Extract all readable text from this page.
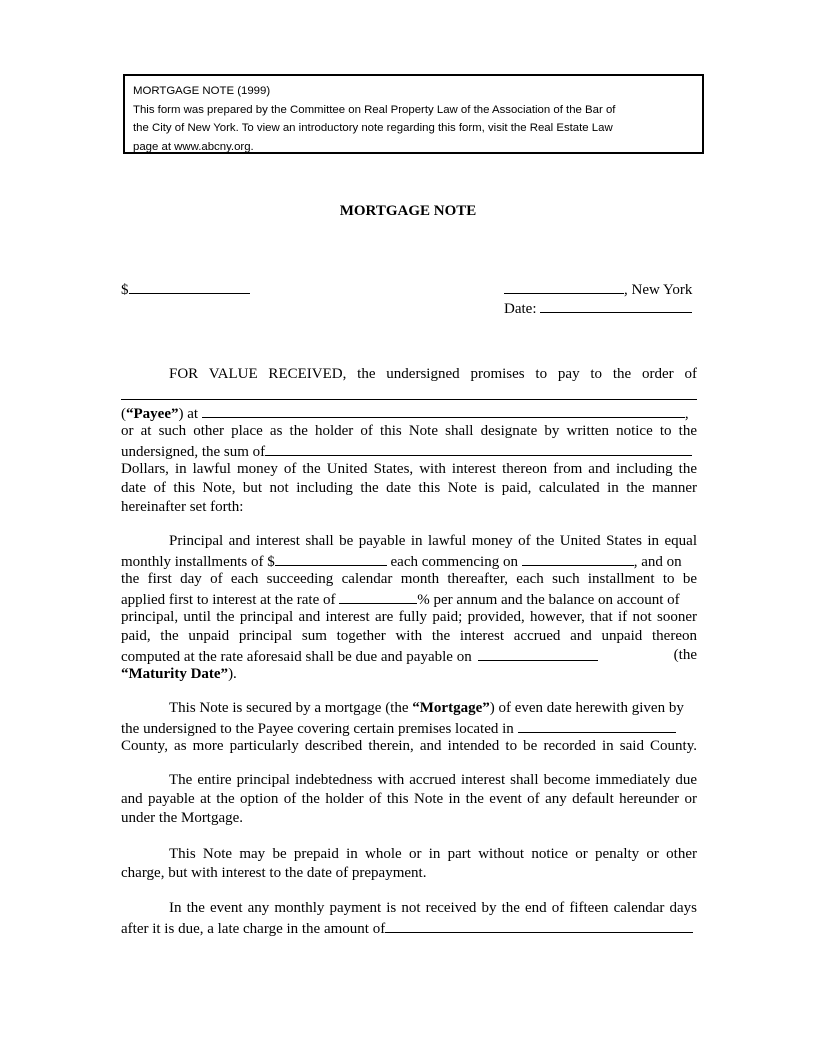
MORTGAGE NOTE (1999)
This form was prepared by the Committee on Real Property Law of the Association of the Bar of
the City of New York. To view an introductory note regarding this form, visit the Real Estate Law
page at www.abcny.org.
MORTGAGE NOTE
$	, New York
Date:
FOR VALUE RECEIVED, the undersigned promises to pay to the order of
(“Payee”) at	,
or at such other place as the holder of this Note shall designate by written notice to the
undersigned, the sum of
Dollars, in lawful money of the United States, with interest thereon from and including the
date of this Note, but not including the date this Note is paid, calculated in the manner
hereinafter set forth:
Principal and interest shall be payable in lawful money of the United States in equal
monthly installments of $	each commencing on	, and on
the first day of each succeeding calendar month thereafter, each such installment to be
applied first to interest at the rate of	% per annum and the balance on account of
principal, until the principal and interest are fully paid; provided, however, that if not sooner
paid, the unpaid principal sum together with the interest accrued and unpaid thereon
computed at the rate aforesaid shall be due and payable on	(the
“Maturity Date”).
This Note is secured by a mortgage (the “Mortgage”) of even date herewith given by
the undersigned to the Payee covering certain premises located in
County, as more particularly described therein, and intended to be recorded in said County.
The entire principal indebtedness with accrued interest shall become immediately due
and payable at the option of the holder of this Note in the event of any default hereunder or
under the Mortgage.
This Note may be prepaid in whole or in part without notice or penalty or other
charge, but with interest to the date of prepayment.
In the event any monthly payment is not received by the end of fifteen calendar days
after it is due, a late charge in the amount of
